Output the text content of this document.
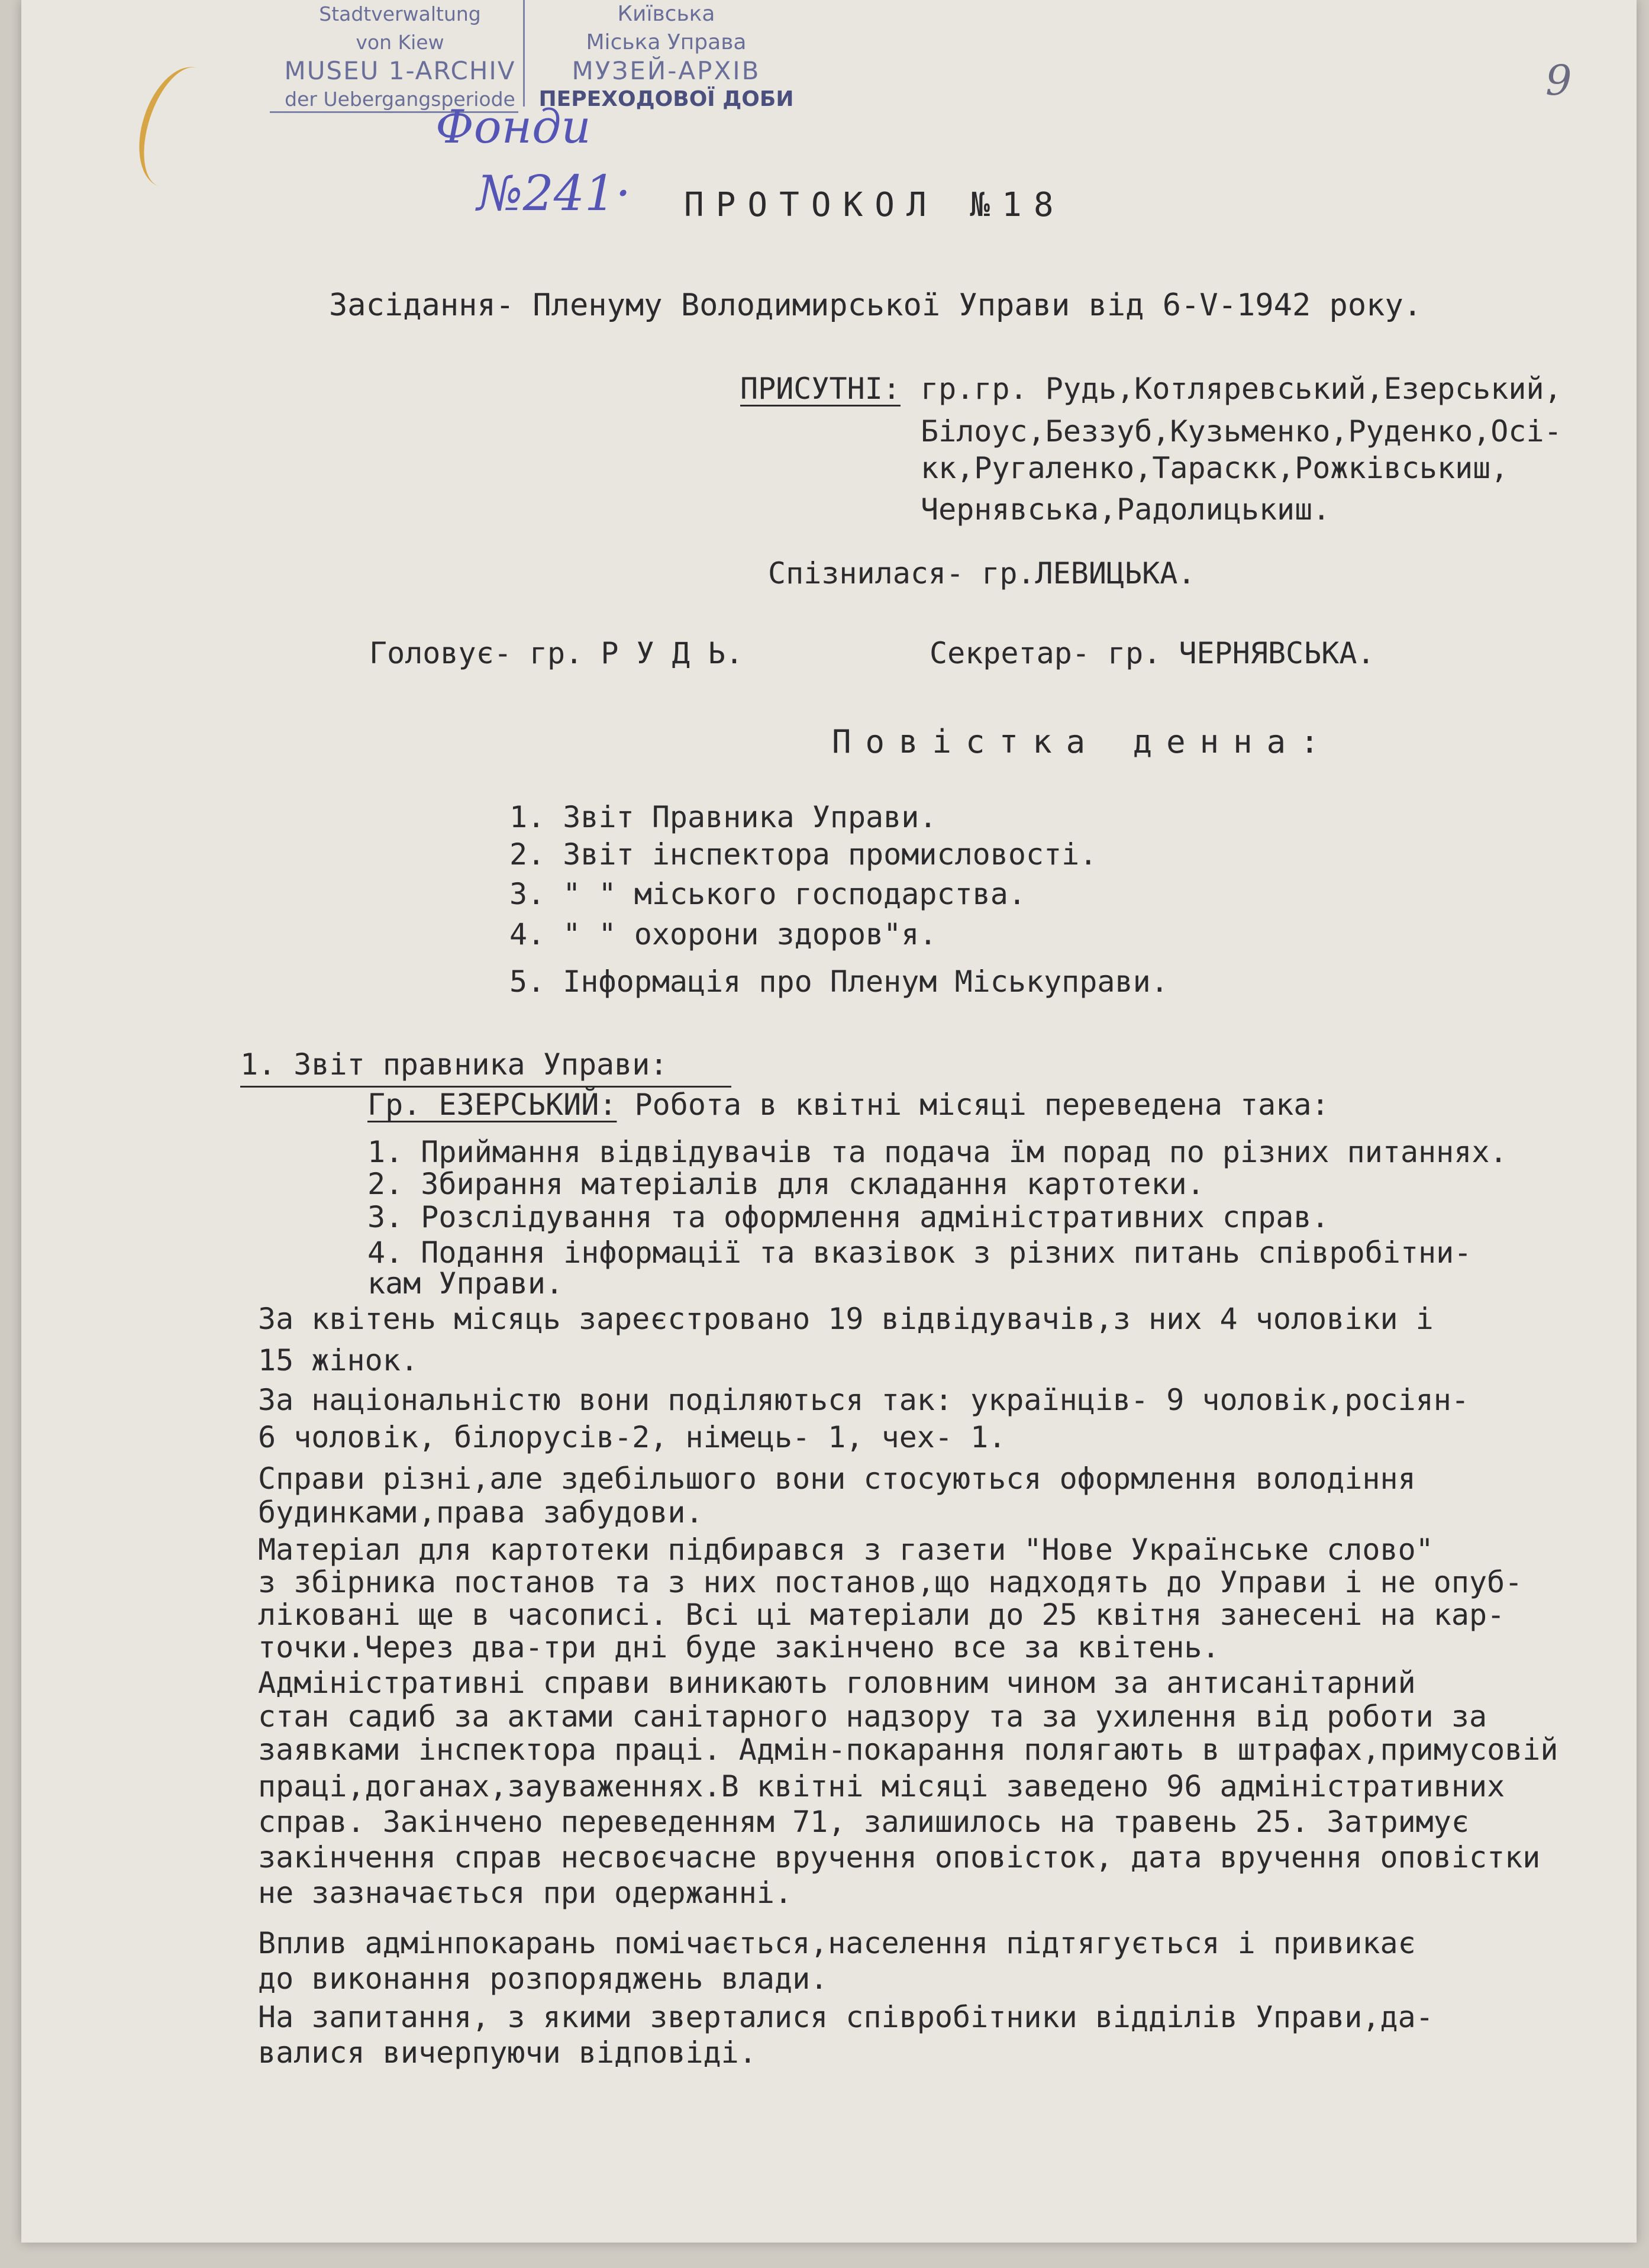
Stadtverwaltung
von Kiew
MUSEU 1-ARCHIV
der Uebergangsperiode
Київська
Міська Управа
МУЗЕЙ-АРХІВ
ПЕРЕХОДОВОЇ ДОБИ
Фонди
№241·
9
ПРОТОКОЛ №18
Засідання- Пленуму Володимирської Управи від 6-V-1942 року.
ПРИСУТНІ: гр.гр. Рудь,Котляревський,Езерський,
Білоус,Беззуб,Кузьменко,Руденко,Осі-
кк,Ругаленко,Тараскк,Рожківськиш,
Чернявська,Радолицькиш.
Спізнилася- гр.ЛЕВИЦЬКА.
Головує- гр. Р У Д Ь.	Секретар- гр. ЧЕРНЯВСЬКА.
Повістка денна:
1. Звіт Правника Управи.
2. Звіт інспектора промисловості.
3. " " міського господарства.
4. " " охорони здоров"я.
5. Інформація про Пленум Міськуправи.
1. Звіт правника Управи:
Гр. ЕЗЕРСЬКИЙ: Робота в квітні місяці переведена така:
1. Приймання відвідувачів та подача їм порад по різних питаннях.
2. Збирання матеріалів для складання картотеки.
3. Розслідування та оформлення адміністративних справ.
4. Подання інформації та вказівок з різних питань співробітни-
кам Управи.
За квітень місяць зареєстровано 19 відвідувачів,з них 4 чоловіки і
15 жінок.
За національністю вони поділяються так: українців- 9 чоловік,росіян-
6 чоловік, білорусів-2, німець- 1, чех- 1.
Справи різні,але здебільшого вони стосуються оформлення володіння
будинками,права забудови.
Матеріал для картотеки підбирався з газети "Нове Українське слово"
з збірника постанов та з них постанов,що надходять до Управи і не опуб-
ліковані ще в часописі. Всі ці матеріали до 25 квітня занесені на кар-
точки.Через два-три дні буде закінчено все за квітень.
Адміністративні справи виникають головним чином за антисанітарний
стан садиб за актами санітарного надзору та за ухилення від роботи за
заявками інспектора праці. Адмін-покарання полягають в штрафах,примусовій
праці,доганах,зауваженнях.В квітні місяці заведено 96 адміністративних
справ. Закінчено переведенням 71, залишилось на травень 25. Затримує
закінчення справ несвоєчасне вручення оповісток, дата вручення оповістки
не зазначається при одержанні.
Вплив адмінпокарань помічається,населення підтягується і привикає
до виконання розпоряджень влади.
На запитання, з якими зверталися співробітники відділів Управи,да-
валися вичерпуючи відповіді.
